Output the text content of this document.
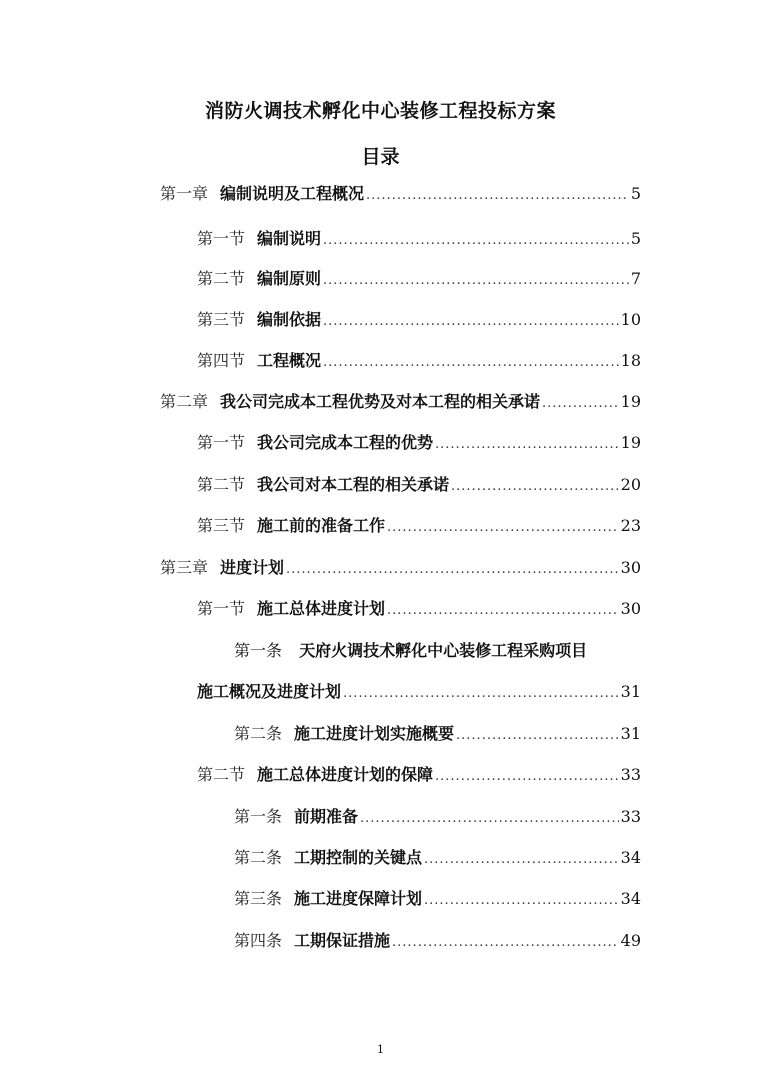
消防火调技术孵化中心装修工程投标方案
目录
第一章 编制说明及工程概况 .....	5
第一节 编制说明 .....	5
第二节 编制原则 .....	7
第三节 编制依据 .....	10
第四节 工程概况 .....	18
第二章 我公司完成本工程优势及对本工程的相关承诺 .....	19
第一节 我公司完成本工程的优势 .....	19
第二节 我公司对本工程的相关承诺 .....	20
第三节 施工前的准备工作 .....	23
第三章 进度计划 .....	30
第一节 施工总体进度计划 .....	30
第一条 天府火调技术孵化中心装修工程采购项目
施工概况及进度计划 .....	31
第二条 施工进度计划实施概要 .....	31
第二节 施工总体进度计划的保障 .....	33
第一条 前期准备 .....	33
第二条 工期控制的关键点 .....	34
第三条 施工进度保障计划 .....	34
第四条 工期保证措施 .....	49
1
